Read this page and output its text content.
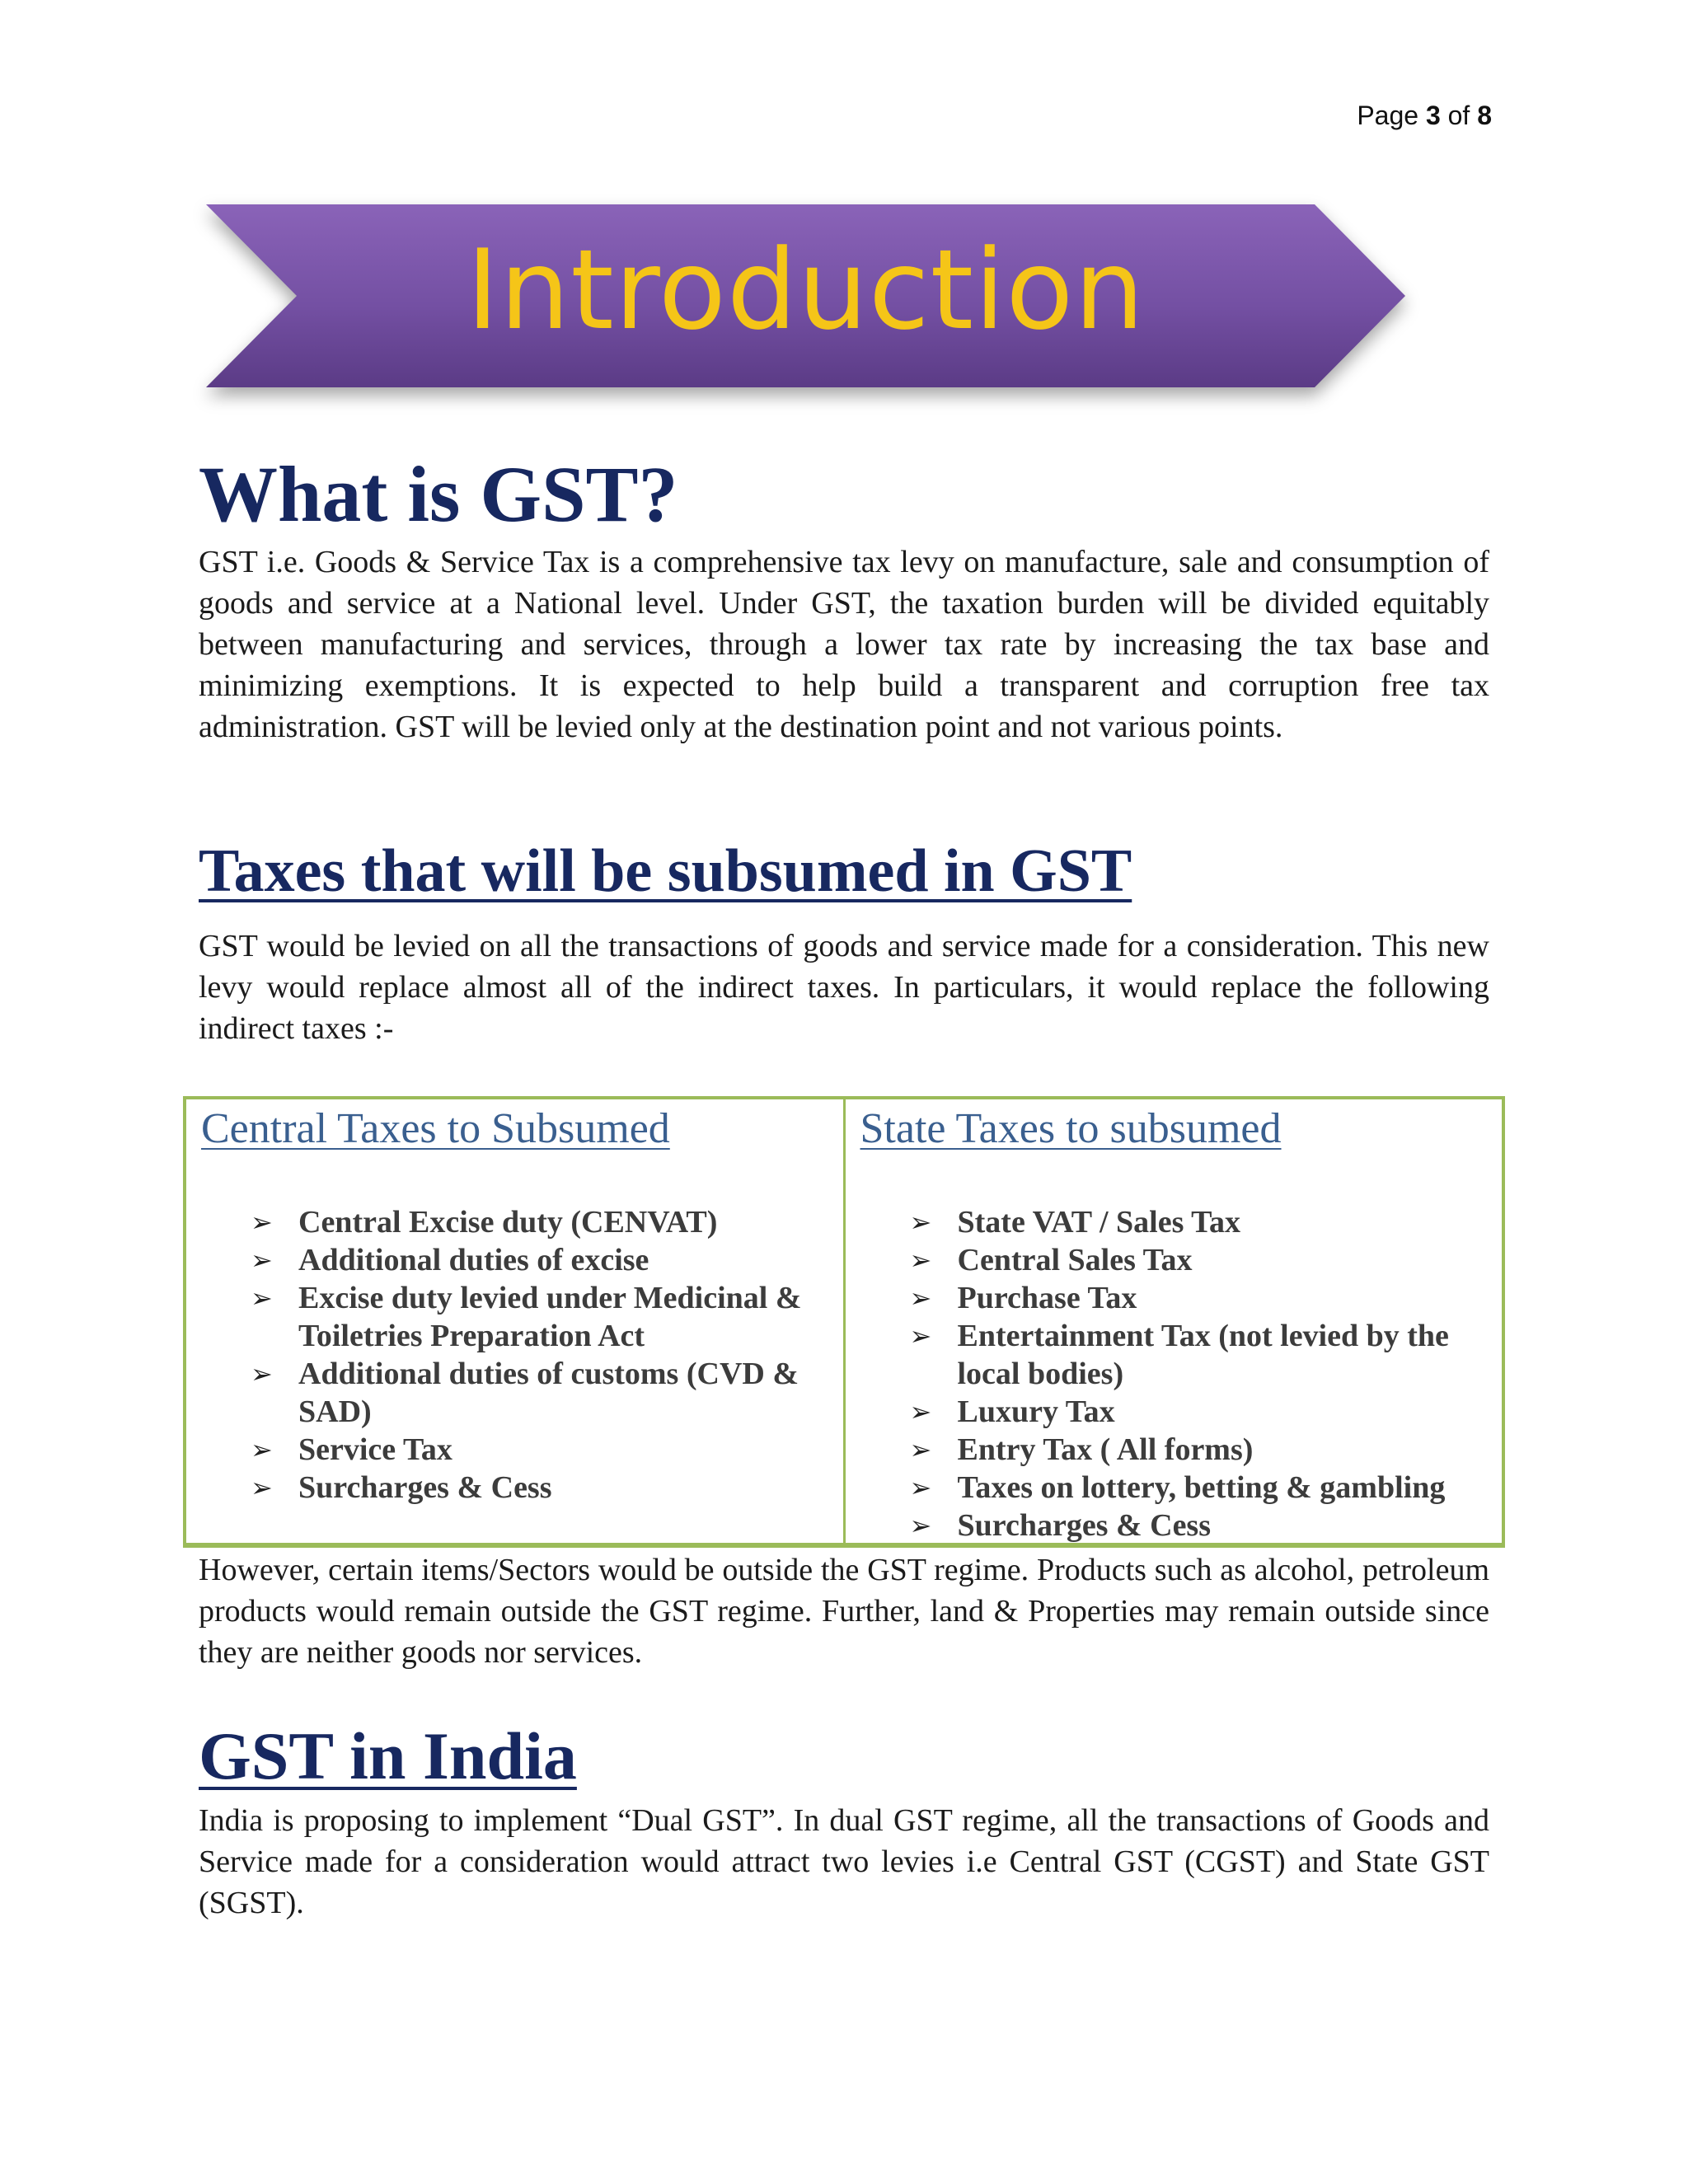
Page 3 of 8
Introduction
What is GST?

GST i.e. Goods & Service Tax is a comprehensive tax levy on manufacture, sale and consumption of goods and service at a National level. Under GST, the taxation burden will be divided equitably between manufacturing and services, through a lower tax rate by increasing the tax base and minimizing exemptions. It is expected to help build a transparent and corruption free tax administration. GST will be levied only at the destination point and not various points.

Taxes that will be subsumed in GST

GST would be levied on all the transactions of goods and service made for a consideration. This new levy would replace almost all of the indirect taxes. In particulars, it would replace the following indirect taxes :-

Central Taxes to Subsumed
➢ Central Excise duty (CENVAT)
➢ Additional duties of excise
➢ Excise duty levied under Medicinal & Toiletries Preparation Act
➢ Additional duties of customs (CVD & SAD)
➢ Service Tax
➢ Surcharges & Cess
State Taxes to subsumed
➢ State VAT / Sales Tax
➢ Central Sales Tax
➢ Purchase Tax
➢ Entertainment Tax (not levied by the local bodies)
➢ Luxury Tax
➢ Entry Tax ( All forms)
➢ Taxes on lottery, betting & gambling
➢ Surcharges & Cess

However, certain items/Sectors would be outside the GST regime. Products such as alcohol, petroleum products would remain outside the GST regime. Further, land & Properties may remain outside since they are neither goods nor services.

GST in India

India is proposing to implement “Dual GST”. In dual GST regime, all the transactions of Goods and Service made for a consideration would attract two levies i.e Central GST (CGST) and State GST (SGST).
